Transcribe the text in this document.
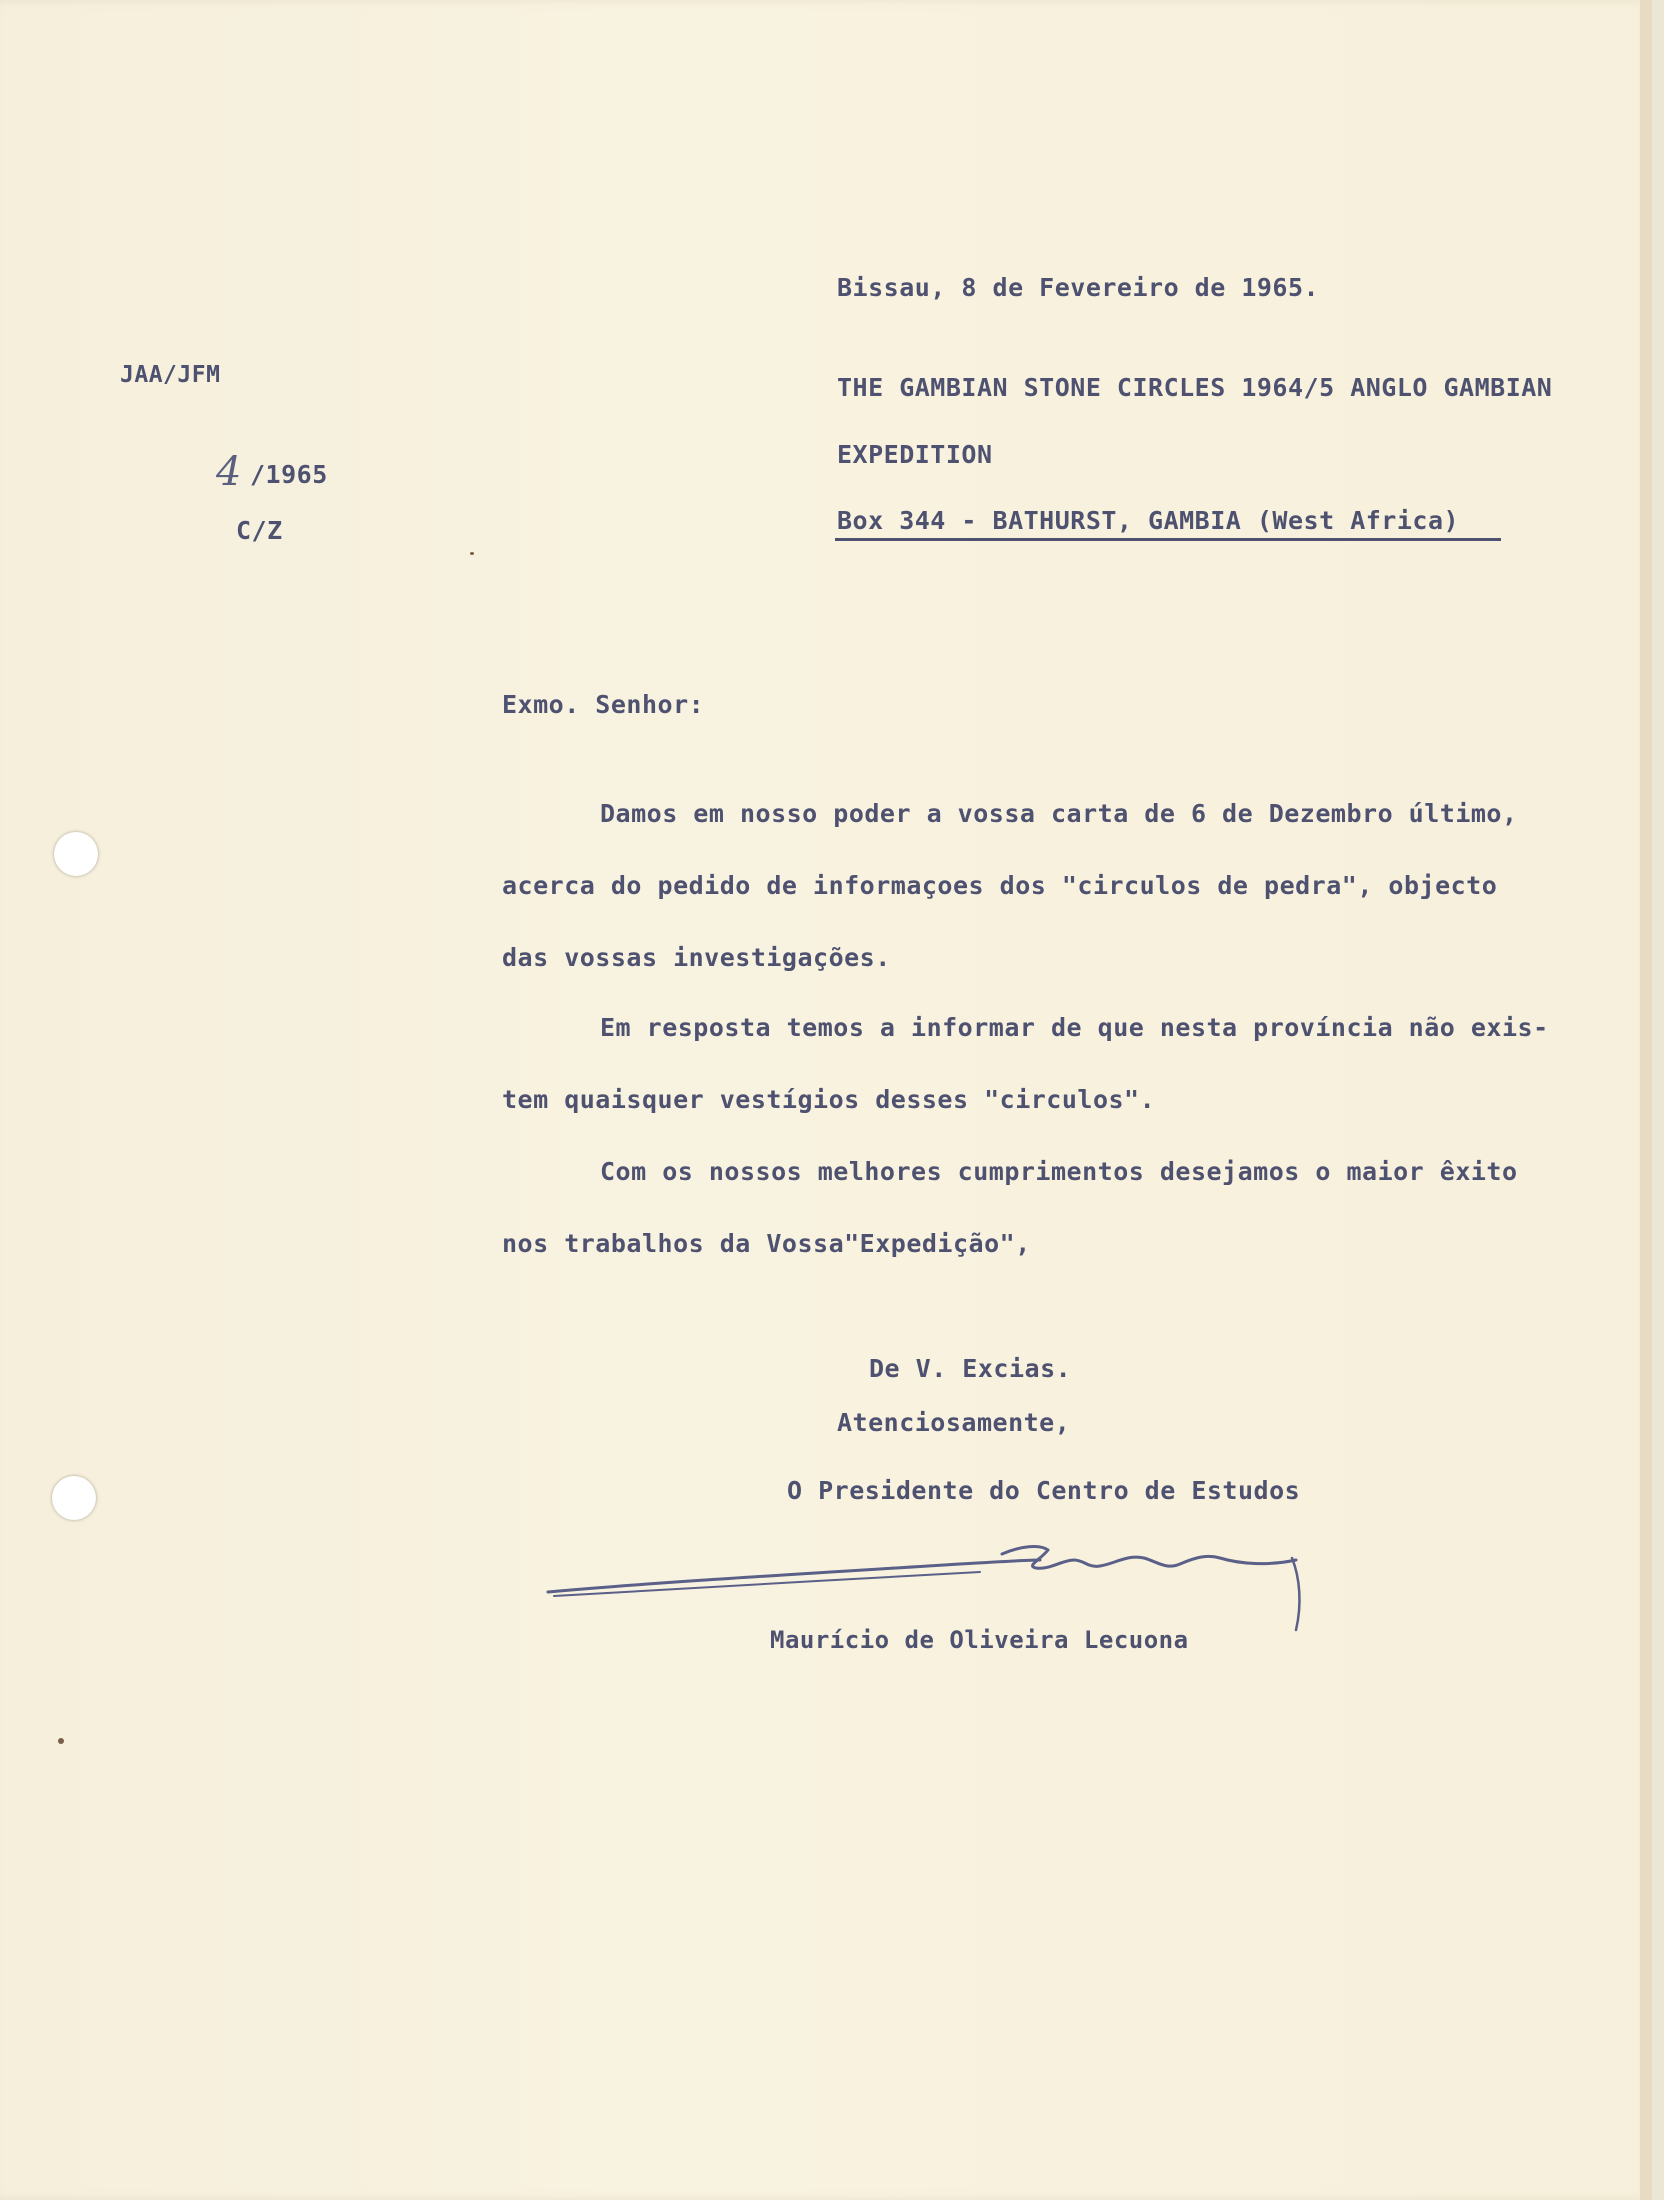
Bissau, 8 de Fevereiro de 1965.
JAA/JFM
4 /1965
C/Z
THE GAMBIAN STONE CIRCLES 1964/5 ANGLO GAMBIAN
EXPEDITION
Box 344 - BATHURST, GAMBIA (West Africa)
Exmo. Senhor:
Damos em nosso poder a vossa carta de 6 de Dezembro último,
acerca do pedido de informaçoes dos "circulos de pedra", objecto
das vossas investigações.
Em resposta temos a informar de que nesta província não exis-
tem quaisquer vestígios desses "circulos".
Com os nossos melhores cumprimentos desejamos o maior êxito
nos trabalhos da Vossa"Expedição",
De V. Excias.
Atenciosamente,
O Presidente do Centro de Estudos
Maurício de Oliveira Lecuona
